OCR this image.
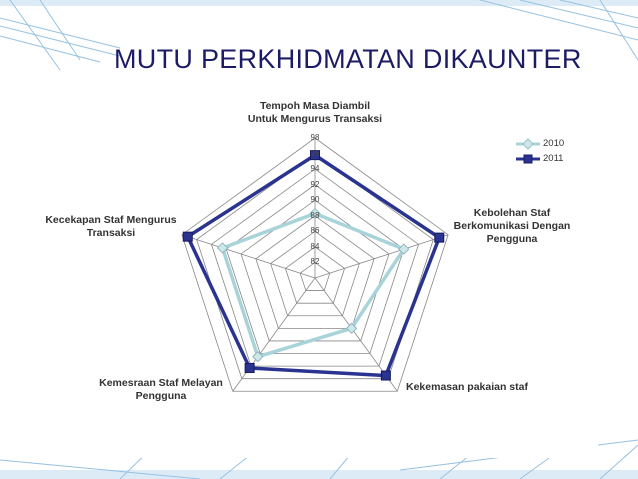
MUTU PERKHIDMATAN DIKAUNTER
Tempoh Masa Diambil
Untuk Mengurus Transaksi
Kebolehan Staf
Berkomunikasi Dengan
Pengguna
Kekemasan pakaian staf
Kemesraan Staf Melayan
Pengguna
Kecekapan Staf Mengurus
Transaksi
82
84
86
88
90
92
94
96
98
2010
2011
